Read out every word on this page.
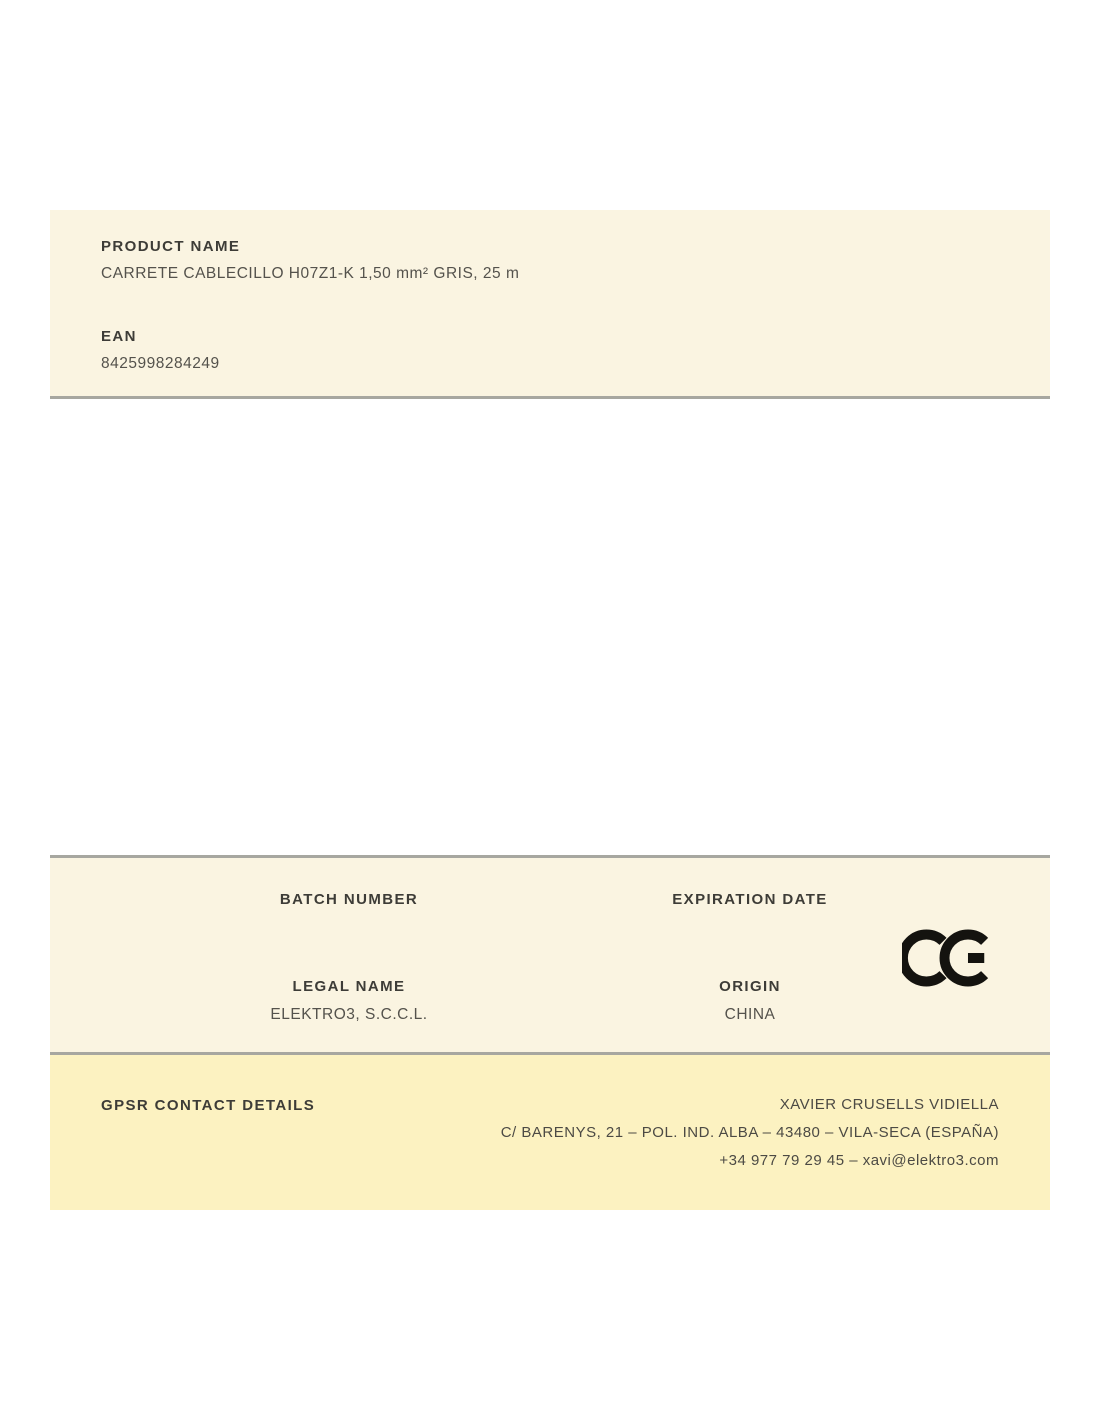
PRODUCT NAME
CARRETE CABLECILLO H07Z1-K 1,50 mm² GRIS, 25 m
EAN
8425998284249
BATCH NUMBER	EXPIRATION DATE
LEGAL NAME
ELEKTRO3, S.C.C.L.
ORIGIN
CHINA
GPSR CONTACT DETAILS	XAVIER CRUSELLS VIDIELLA
C/ BARENYS, 21 – POL. IND. ALBA – 43480 – VILA-SECA (ESPAÑA)
+34 977 79 29 45 – xavi@elektro3.com
